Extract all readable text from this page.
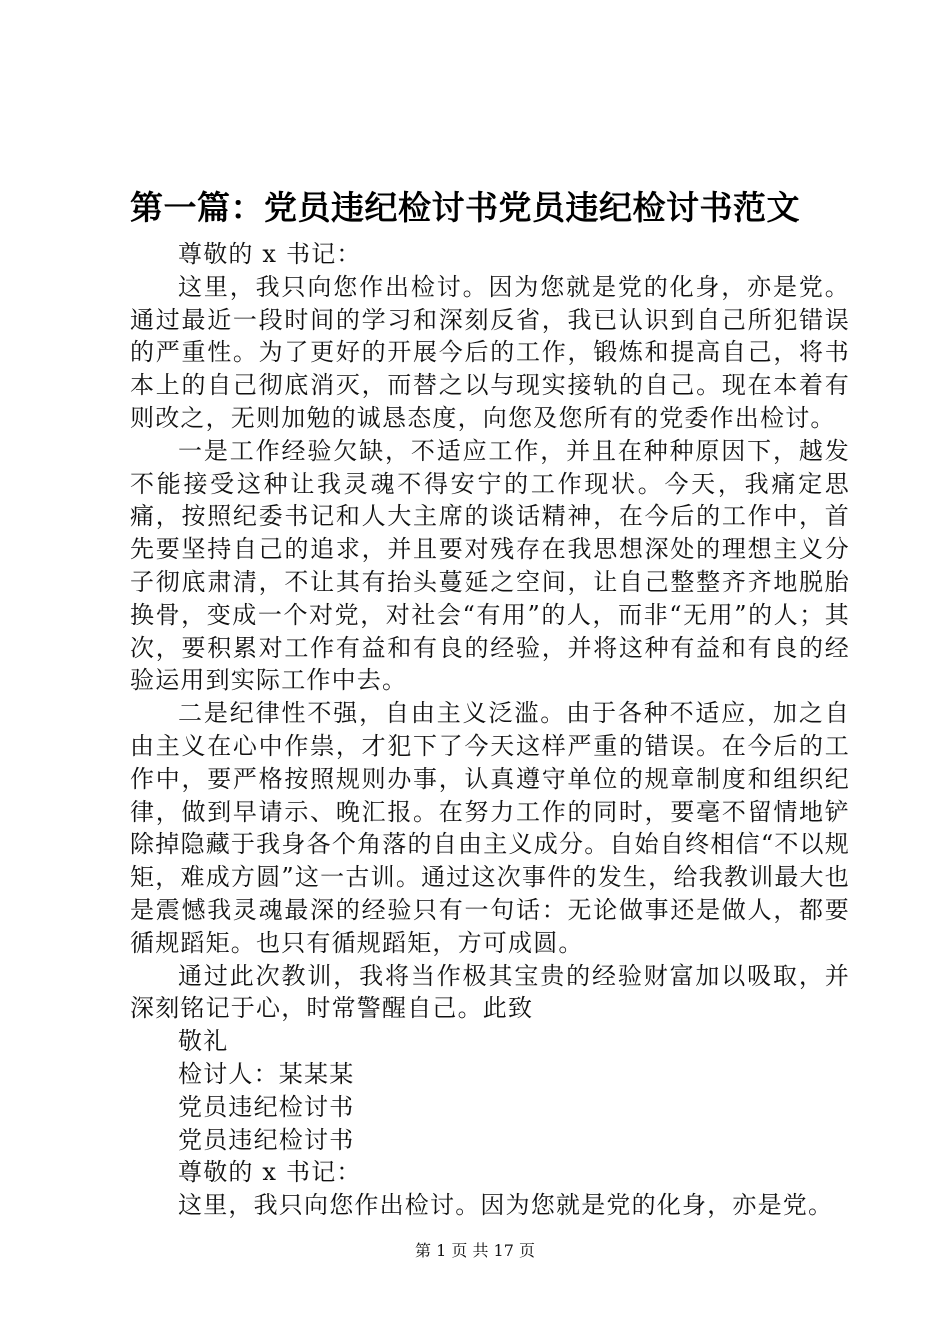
第一篇：党员违纪检讨书党员违纪检讨书范文

尊敬的 x 书记：

这里，我只向您作出检讨。因为您就是党的化身，亦是党。通过最近一段时间的学习和深刻反省，我已认识到自己所犯错误的严重性。为了更好的开展今后的工作，锻炼和提高自己，将书本上的自己彻底消灭，而替之以与现实接轨的自己。现在本着有则改之，无则加勉的诚恳态度，向您及您所有的党委作出检讨。

一是工作经验欠缺，不适应工作，并且在种种原因下，越发不能接受这种让我灵魂不得安宁的工作现状。今天，我痛定思痛，按照纪委书记和人大主席的谈话精神，在今后的工作中，首先要坚持自己的追求，并且要对残存在我思想深处的理想主义分子彻底肃清，不让其有抬头蔓延之空间，让自己整整齐齐地脱胎换骨，变成一个对党，对社会“有用”的人，而非“无用”的人；其次，要积累对工作有益和有良的经验，并将这种有益和有良的经验运用到实际工作中去。

二是纪律性不强，自由主义泛滥。由于各种不适应，加之自由主义在心中作祟，才犯下了今天这样严重的错误。在今后的工作中，要严格按照规则办事，认真遵守单位的规章制度和组织纪律，做到早请示、晚汇报。在努力工作的同时，要毫不留情地铲除掉隐藏于我身各个角落的自由主义成分。自始自终相信“不以规矩，难成方圆”这一古训。通过这次事件的发生，给我教训最大也是震憾我灵魂最深的经验只有一句话：无论做事还是做人，都要循规蹈矩。也只有循规蹈矩，方可成圆。

通过此次教训，我将当作极其宝贵的经验财富加以吸取，并深刻铭记于心，时常警醒自己。此致

敬礼

检讨人：某某某

党员违纪检讨书

党员违纪检讨书

尊敬的 x 书记：

这里，我只向您作出检讨。因为您就是党的化身，亦是党。

第 1 页 共 17 页
